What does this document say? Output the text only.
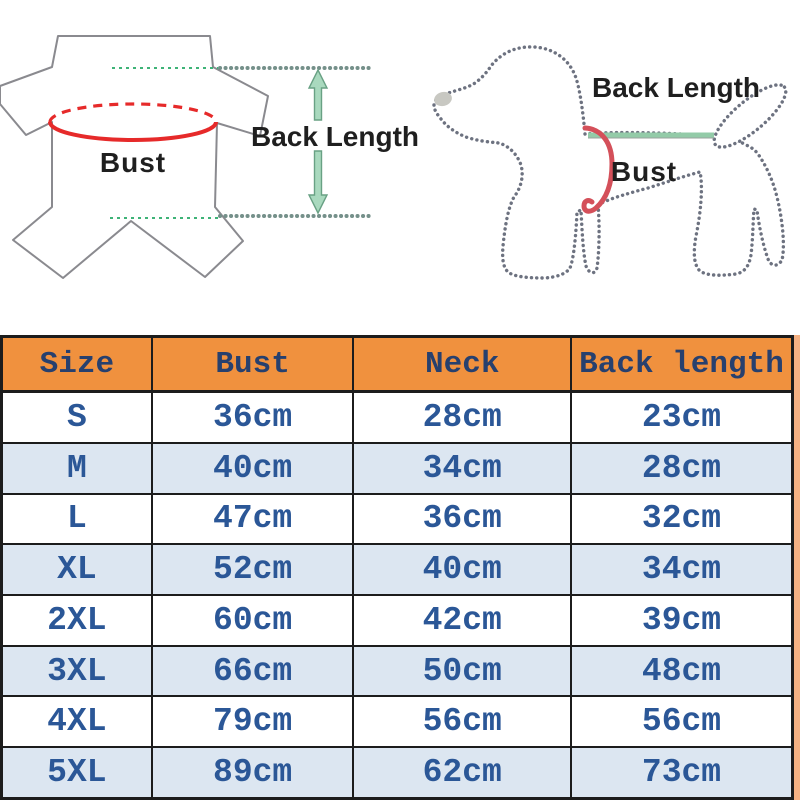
Back Length
Bust
Back Length
Bust
Size	Bust	Neck	Back length
S	36cm	28cm	23cm
M	40cm	34cm	28cm
L	47cm	36cm	32cm
XL	52cm	40cm	34cm
2XL	60cm	42cm	39cm
3XL	66cm	50cm	48cm
4XL	79cm	56cm	56cm
5XL	89cm	62cm	73cm
